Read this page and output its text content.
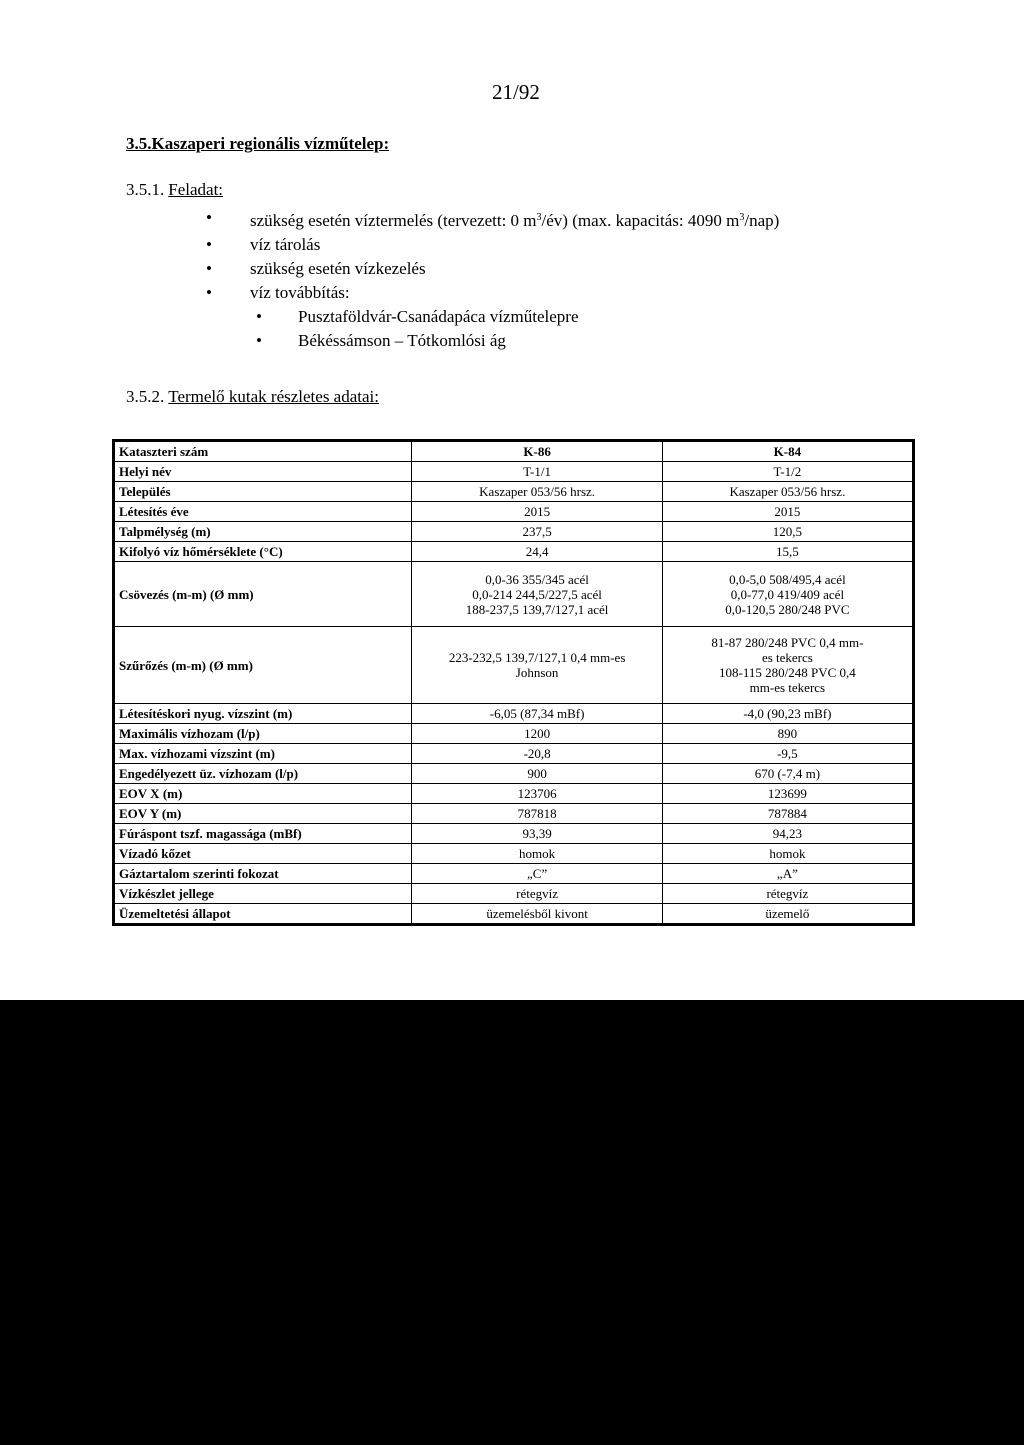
21/92
3.5.Kaszaperi regionális vízműtelep:
3.5.1. Feladat:
• szükség esetén víztermelés (tervezett: 0 $m^3/év$) (max. kapacitás: 4090 $m^3/nap$)
• víz tárolás
• szükség esetén vízkezelés
• víz továbbítás:
• Pusztaföldvár-Csanádapáca vízműtelepre
• Békéssámson – Tótkomlósi ág
3.5.2. Termelő kutak részletes adatai:
Kataszteri szám	K-86	K-84
Helyi név	T-1/1	T-1/2
Település	Kaszaper 053/56 hrsz.	Kaszaper 053/56 hrsz.
Létesítés éve	2015	2015
Talpmélység (m)	237,5	120,5
Kifolyó víz hőmérséklete (°C)	24,4	15,5
Csövezés (m-m) (Ø mm)	0,0-36 355/345 acél
0,0-214 244,5/227,5 acél
188-237,5 139,7/127,1 acél	0,0-5,0 508/495,4 acél
0,0-77,0 419/409 acél
0,0-120,5 280/248 PVC
Szűrőzés (m-m) (Ø mm)	223-232,5 139,7/127,1 0,4 mm-es
Johnson	81-87 280/248 PVC 0,4 mm-
es tekercs
108-115 280/248 PVC 0,4
mm-es tekercs
Létesítéskori nyug. vízszint (m)	-6,05 (87,34 mBf)	-4,0 (90,23 mBf)
Maximális vízhozam (l/p)	1200	890
Max. vízhozami vízszint (m)	-20,8	-9,5
Engedélyezett üz. vízhozam (l/p)	900	670 (-7,4 m)
EOV X (m)	123706	123699
EOV Y (m)	787818	787884
Fúráspont tszf. magassága (mBf)	93,39	94,23
Vízadó kőzet	homok	homok
Gáztartalom szerinti fokozat	„C”	„A”
Vízkészlet jellege	rétegvíz	rétegvíz
Üzemeltetési állapot	üzemelésből kivont	üzemelő
